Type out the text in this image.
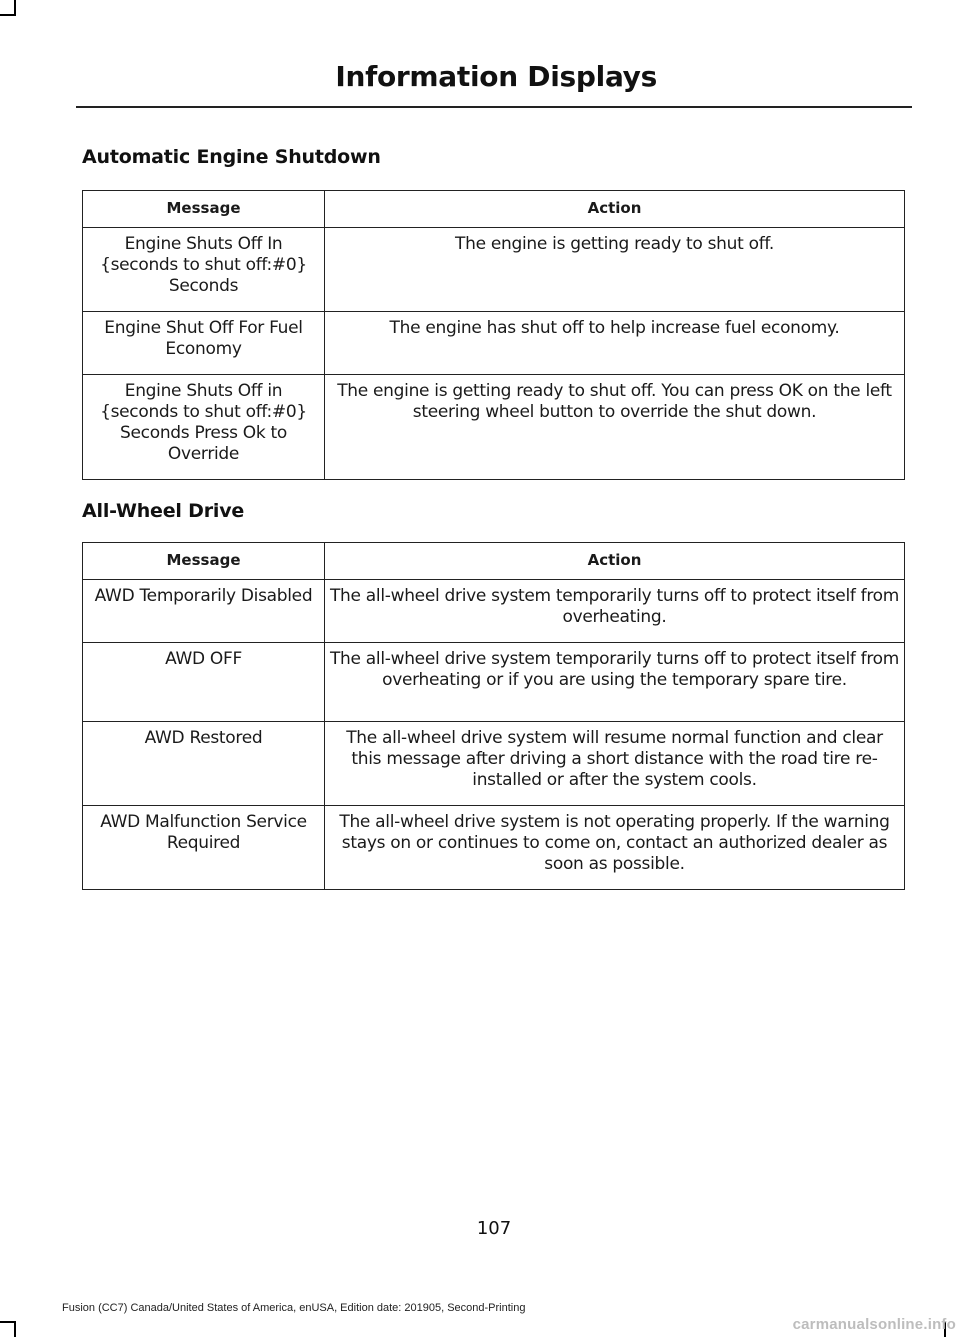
Information Displays
Automatic Engine Shutdown
Message	Action
Engine Shuts Off In {seconds to shut off:#0} Seconds	The engine is getting ready to shut off.
Engine Shut Off For Fuel Economy	The engine has shut off to help increase fuel economy.
Engine Shuts Off in {seconds to shut off:#0} Seconds Press Ok to Override	The engine is getting ready to shut off. You can press OK on the left steering wheel button to override the shut down.
All-Wheel Drive
Message	Action
AWD Temporarily Disabled	The all-wheel drive system temporarily turns off to protect itself from overheating.
AWD OFF	The all-wheel drive system temporarily turns off to protect itself from overheating or if you are using the temporary spare tire.
AWD Restored	The all-wheel drive system will resume normal function and clear this message after driving a short distance with the road tire re-installed or after the system cools.
AWD Malfunction Service Required	The all-wheel drive system is not operating properly. If the warning stays on or continues to come on, contact an authorized dealer as soon as possible.
107
Fusion (CC7) Canada/United States of America, enUSA, Edition date: 201905, Second-Printing
carmanualsonline.info
